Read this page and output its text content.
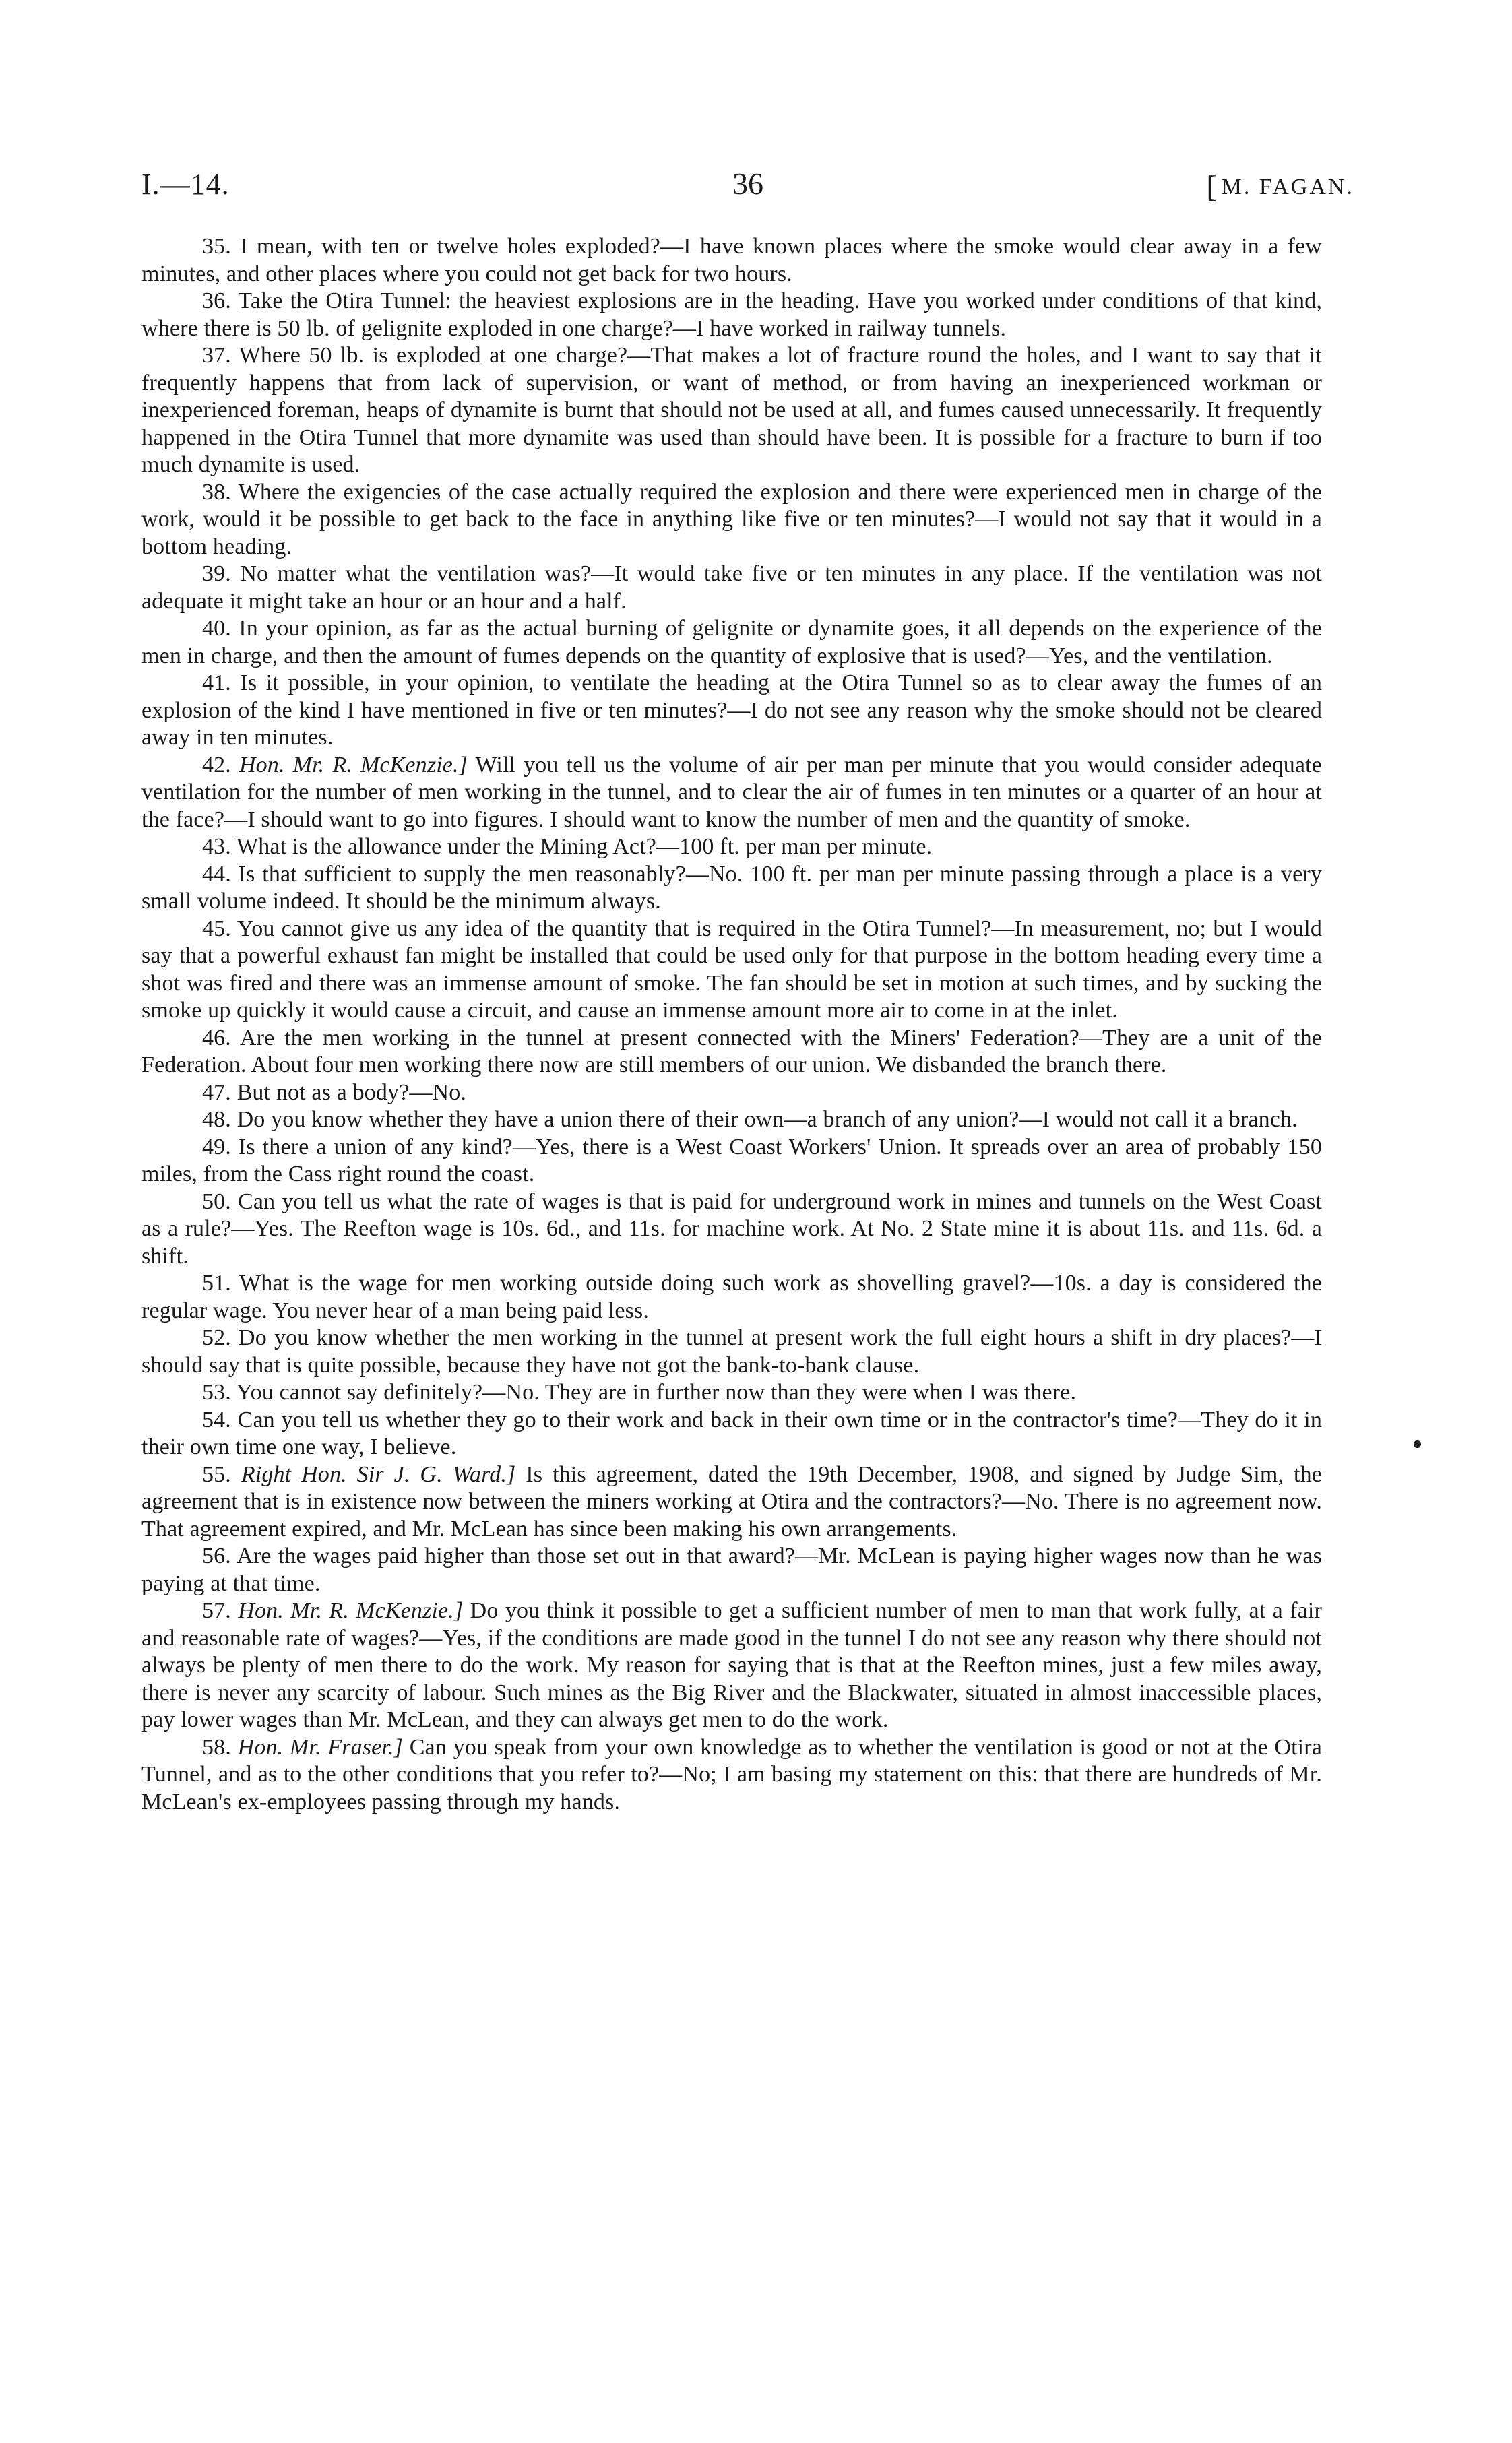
I.—14.	36	[ M. FAGAN.

35. I mean, with ten or twelve holes exploded?—I have known places where the smoke would clear away in a few minutes, and other places where you could not get back for two hours.

36. Take the Otira Tunnel: the heaviest explosions are in the heading. Have you worked under conditions of that kind, where there is 50 lb. of gelignite exploded in one charge?—I have worked in railway tunnels.

37. Where 50 lb. is exploded at one charge?—That makes a lot of fracture round the holes, and I want to say that it frequently happens that from lack of supervision, or want of method, or from having an inexperienced workman or inexperienced foreman, heaps of dynamite is burnt that should not be used at all, and fumes caused unnecessarily. It frequently happened in the Otira Tunnel that more dynamite was used than should have been. It is possible for a fracture to burn if too much dynamite is used.

38. Where the exigencies of the case actually required the explosion and there were experienced men in charge of the work, would it be possible to get back to the face in anything like five or ten minutes?—I would not say that it would in a bottom heading.

39. No matter what the ventilation was?—It would take five or ten minutes in any place. If the ventilation was not adequate it might take an hour or an hour and a half.

40. In your opinion, as far as the actual burning of gelignite or dynamite goes, it all depends on the experience of the men in charge, and then the amount of fumes depends on the quantity of explosive that is used?—Yes, and the ventilation.

41. Is it possible, in your opinion, to ventilate the heading at the Otira Tunnel so as to clear away the fumes of an explosion of the kind I have mentioned in five or ten minutes?—I do not see any reason why the smoke should not be cleared away in ten minutes.

42. Hon. Mr. R. McKenzie.] Will you tell us the volume of air per man per minute that you would consider adequate ventilation for the number of men working in the tunnel, and to clear the air of fumes in ten minutes or a quarter of an hour at the face?—I should want to go into figures. I should want to know the number of men and the quantity of smoke.

43. What is the allowance under the Mining Act?—100 ft. per man per minute.

44. Is that sufficient to supply the men reasonably?—No. 100 ft. per man per minute passing through a place is a very small volume indeed. It should be the minimum always.

45. You cannot give us any idea of the quantity that is required in the Otira Tunnel?—In measurement, no; but I would say that a powerful exhaust fan might be installed that could be used only for that purpose in the bottom heading every time a shot was fired and there was an immense amount of smoke. The fan should be set in motion at such times, and by sucking the smoke up quickly it would cause a circuit, and cause an immense amount more air to come in at the inlet.

46. Are the men working in the tunnel at present connected with the Miners' Federation?—They are a unit of the Federation. About four men working there now are still members of our union. We disbanded the branch there.

47. But not as a body?—No.

48. Do you know whether they have a union there of their own—a branch of any union?—I would not call it a branch.

49. Is there a union of any kind?—Yes, there is a West Coast Workers' Union. It spreads over an area of probably 150 miles, from the Cass right round the coast.

50. Can you tell us what the rate of wages is that is paid for underground work in mines and tunnels on the West Coast as a rule?—Yes. The Reefton wage is 10s. 6d., and 11s. for machine work. At No. 2 State mine it is about 11s. and 11s. 6d. a shift.

51. What is the wage for men working outside doing such work as shovelling gravel?—10s. a day is considered the regular wage. You never hear of a man being paid less.

52. Do you know whether the men working in the tunnel at present work the full eight hours a shift in dry places?—I should say that is quite possible, because they have not got the bank-to-bank clause.

53. You cannot say definitely?—No. They are in further now than they were when I was there.

54. Can you tell us whether they go to their work and back in their own time or in the contractor's time?—They do it in their own time one way, I believe.

55. Right Hon. Sir J. G. Ward.] Is this agreement, dated the 19th December, 1908, and signed by Judge Sim, the agreement that is in existence now between the miners working at Otira and the contractors?—No. There is no agreement now. That agreement expired, and Mr. McLean has since been making his own arrangements.

56. Are the wages paid higher than those set out in that award?—Mr. McLean is paying higher wages now than he was paying at that time.

57. Hon. Mr. R. McKenzie.] Do you think it possible to get a sufficient number of men to man that work fully, at a fair and reasonable rate of wages?—Yes, if the conditions are made good in the tunnel I do not see any reason why there should not always be plenty of men there to do the work. My reason for saying that is that at the Reefton mines, just a few miles away, there is never any scarcity of labour. Such mines as the Big River and the Blackwater, situated in almost inaccessible places, pay lower wages than Mr. McLean, and they can always get men to do the work.

58. Hon. Mr. Fraser.] Can you speak from your own knowledge as to whether the ventilation is good or not at the Otira Tunnel, and as to the other conditions that you refer to?—No; I am basing my statement on this: that there are hundreds of Mr. McLean's ex-employees passing through my hands.
